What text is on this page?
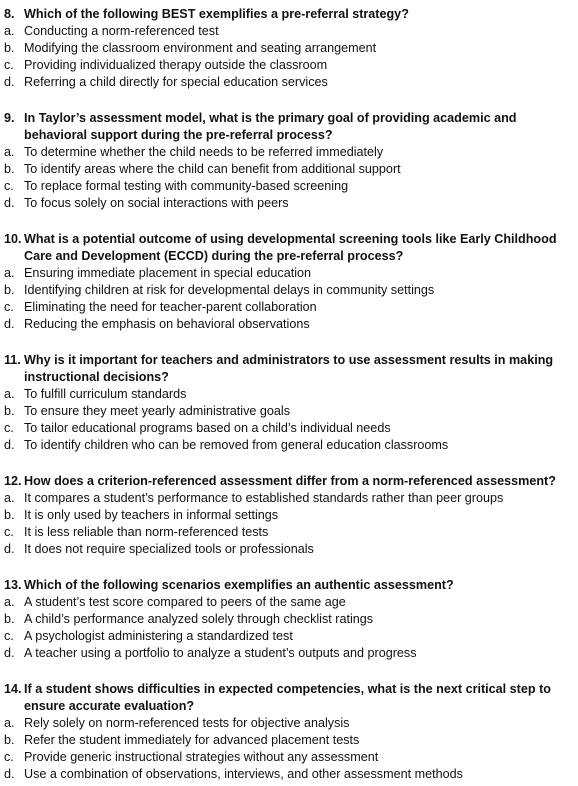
8. Which of the following BEST exemplifies a pre-referral strategy?
a. Conducting a norm-referenced test
b. Modifying the classroom environment and seating arrangement
c. Providing individualized therapy outside the classroom
d. Referring a child directly for special education services
9. In Taylor’s assessment model, what is the primary goal of providing academic and behavioral support during the pre-referral process?
a. To determine whether the child needs to be referred immediately
b. To identify areas where the child can benefit from additional support
c. To replace formal testing with community-based screening
d. To focus solely on social interactions with peers
10. What is a potential outcome of using developmental screening tools like Early Childhood Care and Development (ECCD) during the pre-referral process?
a. Ensuring immediate placement in special education
b. Identifying children at risk for developmental delays in community settings
c. Eliminating the need for teacher-parent collaboration
d. Reducing the emphasis on behavioral observations
11. Why is it important for teachers and administrators to use assessment results in making instructional decisions?
a. To fulfill curriculum standards
b. To ensure they meet yearly administrative goals
c. To tailor educational programs based on a child’s individual needs
d. To identify children who can be removed from general education classrooms
12. How does a criterion-referenced assessment differ from a norm-referenced assessment?
a. It compares a student’s performance to established standards rather than peer groups
b. It is only used by teachers in informal settings
c. It is less reliable than norm-referenced tests
d. It does not require specialized tools or professionals
13. Which of the following scenarios exemplifies an authentic assessment?
a. A student’s test score compared to peers of the same age
b. A child’s performance analyzed solely through checklist ratings
c. A psychologist administering a standardized test
d. A teacher using a portfolio to analyze a student’s outputs and progress
14. If a student shows difficulties in expected competencies, what is the next critical step to ensure accurate evaluation?
a. Rely solely on norm-referenced tests for objective analysis
b. Refer the student immediately for advanced placement tests
c. Provide generic instructional strategies without any assessment
d. Use a combination of observations, interviews, and other assessment methods
